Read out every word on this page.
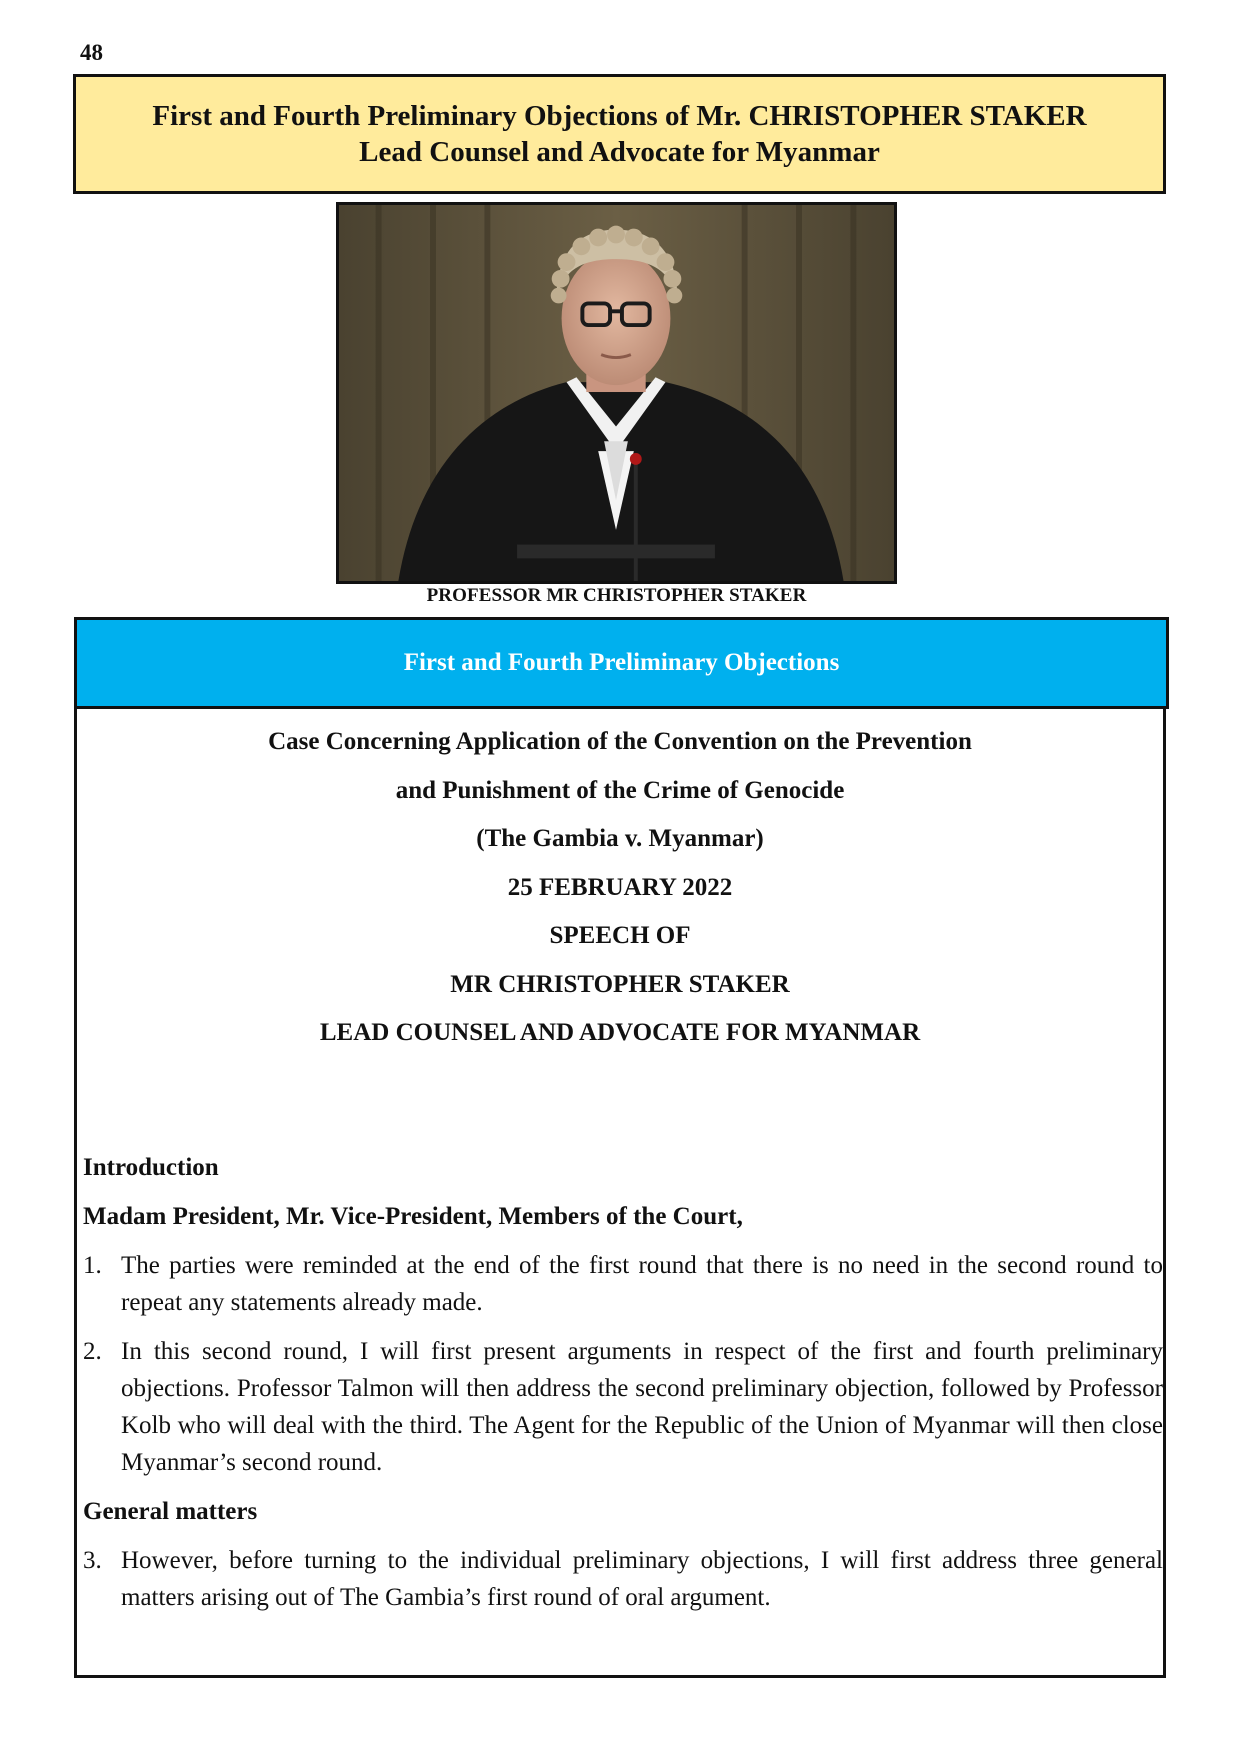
48
First and Fourth Preliminary Objections of Mr. CHRISTOPHER STAKER
Lead Counsel and Advocate for Myanmar
PROFESSOR MR CHRISTOPHER STAKER
First and Fourth Preliminary Objections
Case Concerning Application of the Convention on the Prevention
and Punishment of the Crime of Genocide
(The Gambia v. Myanmar)
25 FEBRUARY 2022
SPEECH OF
MR CHRISTOPHER STAKER
LEAD COUNSEL AND ADVOCATE FOR MYANMAR
Introduction
Madam President, Mr. Vice-President, Members of the Court,
1. The parties were reminded at the end of the first round that there is no need in the second round to repeat any statements already made.
2. In this second round, I will first present arguments in respect of the first and fourth preliminary objections. Professor Talmon will then address the second preliminary objection, followed by Professor Kolb who will deal with the third. The Agent for the Republic of the Union of Myanmar will then close Myanmar’s second round.
General matters
3. However, before turning to the individual preliminary objections, I will first address three general matters arising out of The Gambia’s first round of oral argument.
